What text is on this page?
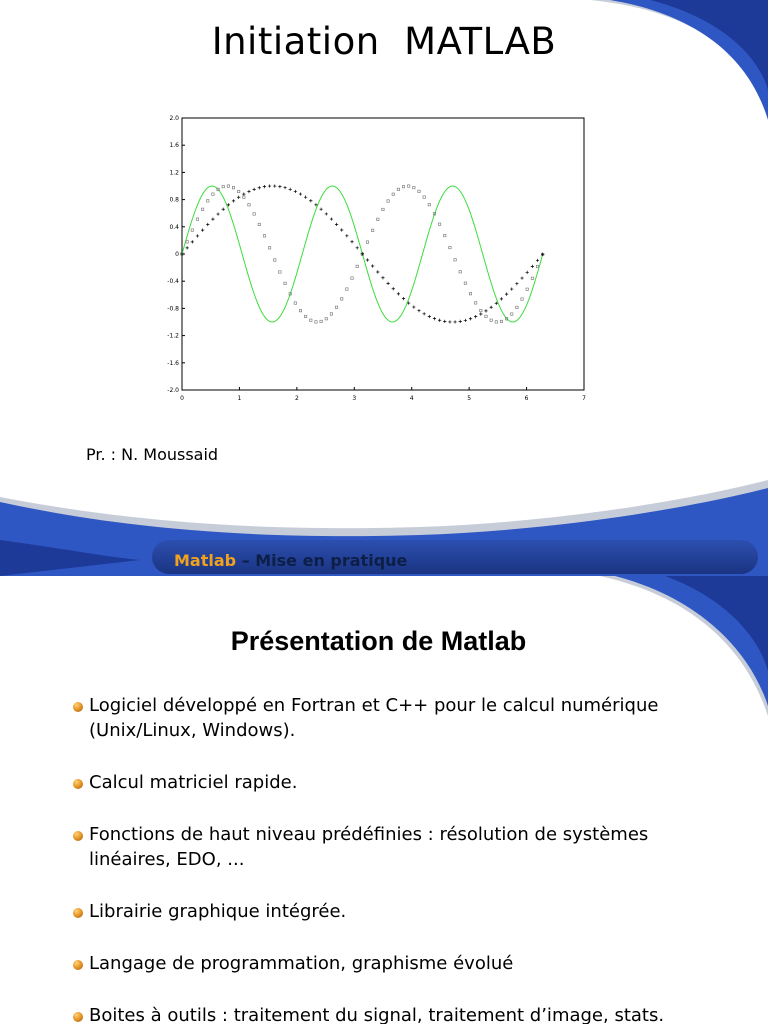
Initiation  MATLAB
2.0
1.6
1.2
0.8
0.4
0
-0.4
-0.8
-1.2
-1.6
-2.0
0	1	2	3	4	5	6	7
Pr. : N. Moussaid
Matlab – Mise en pratique
Présentation de Matlab
Logiciel développé en Fortran et C++ pour le calcul numérique (Unix/Linux, Windows).
Calcul matriciel rapide.
Fonctions de haut niveau prédéfinies : résolution de systèmes linéaires, EDO, ...
Librairie graphique intégrée.
Langage de programmation, graphisme évolué
Boites à outils : traitement du signal, traitement d’image, stats.
